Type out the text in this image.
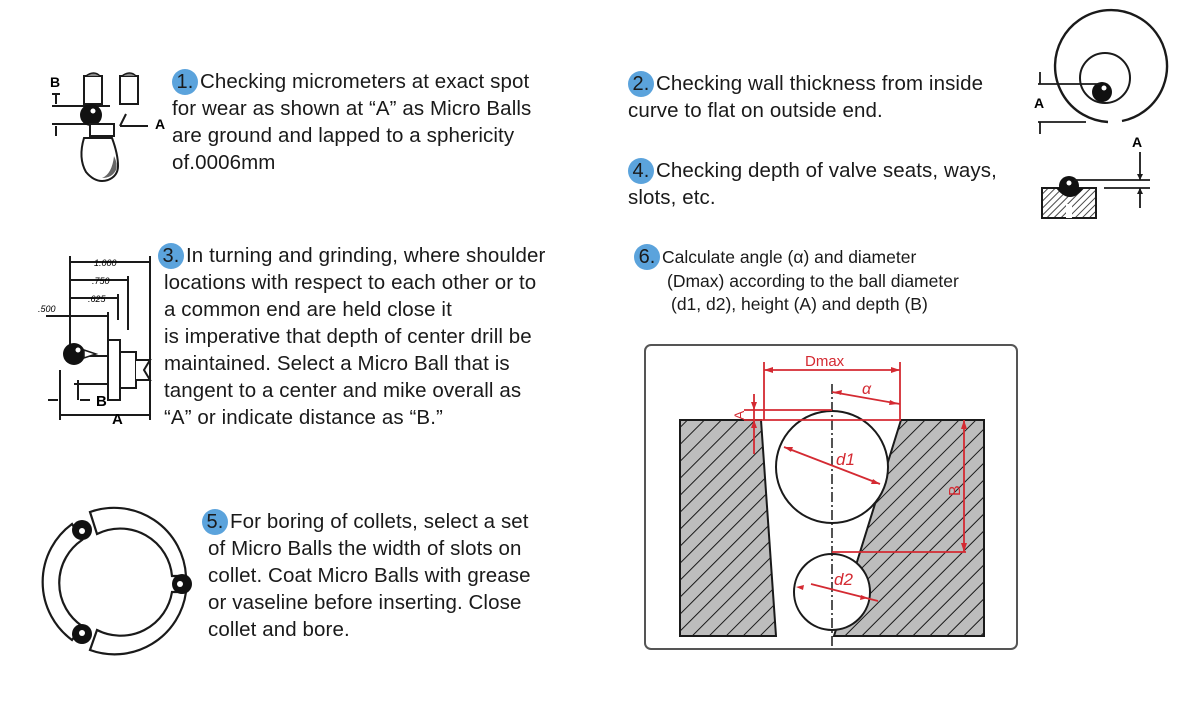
B
A
1. Checking micrometers at exact spot
for wear as shown at “A” as Micro Balls
are ground and lapped to a sphericity
of.0006mm
2. Checking wall thickness from inside
curve to flat on outside end.	A
4. Checking depth of valve seats, ways,
slots, etc.
A
1.000
.750
.625
.500
B
A
3. In turning and grinding, where shoulder
locations with respect to each other or to
a common end are held close it
is imperative that depth of center drill be
maintained. Select a Micro Ball that is
tangent to a center and mike overall as
“A” or indicate distance as “B.”
5. For boring of collets, select a set
of Micro Balls the width of slots on
collet. Coat Micro Balls with grease
or vaseline before inserting. Close
collet and bore.
6. Calculate angle (α) and diameter
(Dmax) according to the ball diameter
(d1, d2), height (A) and depth (B)
Dmax
α
d1
d2
A
B
